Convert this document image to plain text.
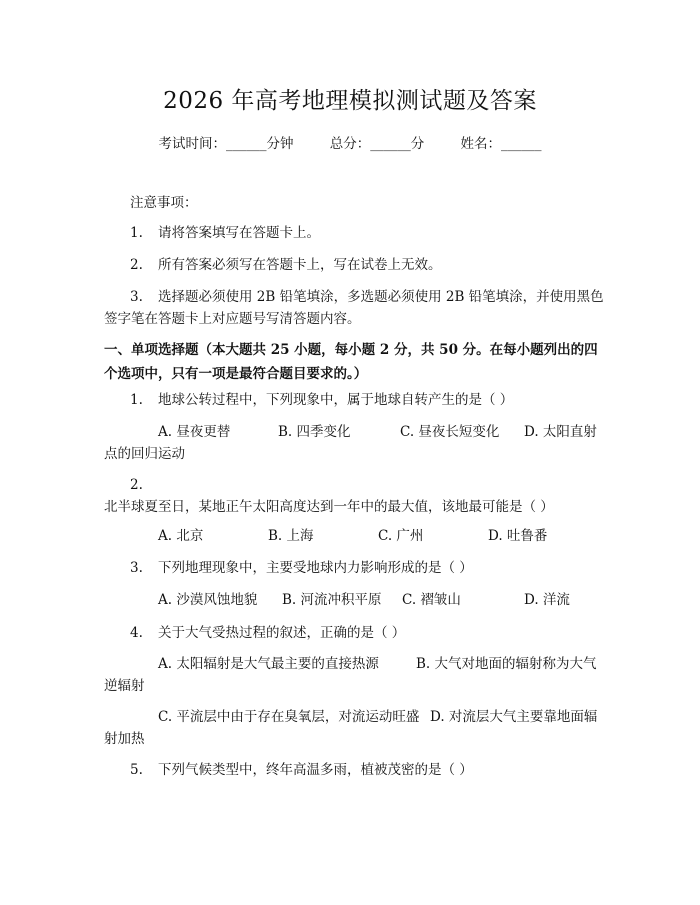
2026 年高考地理模拟测试题及答案
考试时间：______分钟	总分：______分	姓名：______
注意事项：
1. 请将答案填写在答题卡上。
2. 所有答案必须写在答题卡上，写在试卷上无效。
3. 选择题必须使用 2B 铅笔填涂，多选题必须使用 2B 铅笔填涂，并使用黑色签字笔在答题卡上对应题号写清答题内容。
一、单项选择题（本大题共 25 小题，每小题 2 分，共 50 分。在每小题列出的四个选项中，只有一项是最符合题目要求的。）
1. 地球公转过程中，下列现象中，属于地球自转产生的是（ ）
A. 昼夜更替	B. 四季变化	C. 昼夜长短变化 D. 太阳直射点的回归运动
2.北半球夏至日，某地正午太阳高度达到一年中的最大值，该地最可能是（ ）
A. 北京	B. 上海	C. 广州	D. 吐鲁番
3. 下列地理现象中，主要受地球内力影响形成的是（ ）
A. 沙漠风蚀地貌 B. 河流冲积平原 C. 褶皱山	D. 洋流
4. 关于大气受热过程的叙述，正确的是（ ）
A. 太阳辐射是大气最主要的直接热源	B. 大气对地面的辐射称为大气逆辐射
C. 平流层中由于存在臭氧层，对流运动旺盛 D. 对流层大气主要靠地面辐射加热
5. 下列气候类型中，终年高温多雨，植被茂密的是（ ）
